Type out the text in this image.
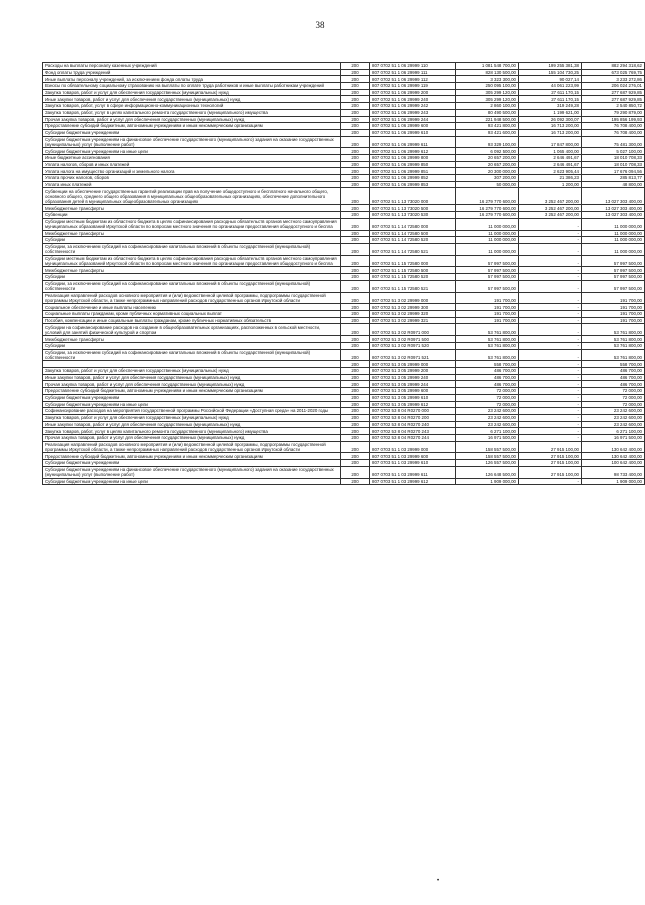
38
Расходы на выплаты персоналу казенных учреждений	200	807 0702 51 1 06 29999 110	1 081 548 700,00	199 255 381,38	882 294 318,62
Фонд оплаты труда учреждений	200	807 0702 51 1 06 29999 111	828 130 500,00	155 104 730,25	673 025 769,75
Иные выплаты персоналу учреждений, за исключением фонда оплаты труда	200	807 0702 51 1 06 29999 112	3 323 300,00	90 027,14	3 233 272,86
Взносы по обязательному социальному страхованию на выплаты по оплате труда работников и иные выплаты работникам учреждений	200	807 0702 51 1 06 29999 119	250 095 100,00	44 061 223,99	206 024 276,01
Закупка товаров, работ и услуг для обеспечения государственных (муниципальных) нужд	200	807 0702 51 1 06 29999 200	305 299 120,00	27 611 170,15	277 687 929,85
Иные закупки товаров, работ и услуг для обеспечения государственных (муниципальных) нужд	200	807 0702 51 1 06 29999 240	305 299 120,00	27 611 170,15	277 687 929,85
Закупка товаров, работ, услуг в сфере информационно-коммуникационных технологий	200	807 0702 51 1 06 29999 242	2 860 100,00	319 249,28	2 540 850,72
Закупка товаров, работ, услуг в целях капитального ремонта государственного (муниципального) имущества	200	807 0702 51 1 06 29999 243	80 490 500,00	1 199 621,00	79 290 879,00
Прочая закупка товаров, работ и услуг для обеспечения государственных (муниципальных) нужд	200	807 0702 51 1 06 29999 244	221 948 500,00	26 092 300,07	195 856 199,93
Предоставление субсидий бюджетным, автономным учреждениям и иным некоммерческим организациям	200	807 0702 51 1 06 29999 600	93 421 800,00	16 713 200,00	76 708 400,00
Субсидии бюджетным учреждениям	200	807 0702 51 1 06 29999 610	93 421 600,00	16 713 200,00	76 708 400,00
Субсидии бюджетным учреждениям на финансовое обеспечение государственного (муниципального) задания на оказание государственных (муниципальных) услуг (выполнение работ)	200	807 0702 51 1 06 29999 611	93 329 100,00	17 847 800,00	75 481 300,00
Субсидии бюджетным учреждениям на иные цели	200	807 0702 51 1 06 29999 612	6 092 500,00	1 065 400,00	5 027 100,00
Иные бюджетные ассигнования	200	807 0702 51 1 06 29999 800	20 657 200,00	2 646 491,67	18 010 708,33
Уплата налогов, сборов и иных платежей	200	807 0702 51 1 06 29999 850	20 657 200,00	2 646 491,67	18 010 708,33
Уплата налога на имущество организаций и земельного налога	200	807 0702 51 1 06 29999 851	20 300 000,00	2 623 905,44	17 676 094,56
Уплата прочих налогов, сборов	200	807 0702 51 1 06 29999 852	307 200,00	21 386,23	285 813,77
Уплата иных платежей	200	807 0702 51 1 06 29999 853	50 000,00	1 200,00	48 800,00
Субвенции на обеспечение государственных гарантий реализации прав на получение общедоступного и бесплатного начального общего, основного общего, среднего общего образования в муниципальных общеобразовательных организациях, обеспечение дополнительного образования детей в муниципальных общеобразовательных организациях	200	807 0702 51 1 13 73020 000	16 279 770 600,00	3 252 467 200,00	13 027 303 400,00
Межбюджетные трансферты	200	807 0702 51 1 13 73020 500	16 279 770 600,00	3 252 467 200,00	13 027 303 400,00
Субвенции	200	807 0702 51 1 13 73020 530	16 279 770 600,00	3 252 467 200,00	13 027 303 400,00
Субсидии местным бюджетам из областного бюджета в целях софинансирования расходных обязательств органов местного самоуправления муниципальных образований Иркутской области по вопросам местного значения по организации предоставления общедоступного и беспла	200	807 0702 51 1 14 72580 000	11 000 000,00	-	11 000 000,00
Межбюджетные трансферты	200	807 0702 51 1 14 72580 500	11 000 000,00	-	11 000 000,00
Субсидии	200	807 0702 51 1 14 72580 520	11 000 000,00	-	11 000 000,00
Субсидии, за исключением субсидий на софинансирование капитальных вложений в объекты государственной (муниципальной) собственности	200	807 0702 51 1 14 72580 521	11 000 000,00	-	11 000 000,00
Субсидии местным бюджетам из областного бюджета в целях софинансирования расходных обязательств органов местного самоуправления муниципальных образований Иркутской области по вопросам местного значения по организации предоставления общедоступного и беспла	200	807 0702 51 1 15 72580 000	57 997 500,00	-	57 997 500,00
Межбюджетные трансферты	200	807 0702 51 1 15 72580 500	57 997 500,00	-	57 997 500,00
Субсидии	200	807 0702 51 1 15 72580 520	57 997 500,00	-	57 997 500,00
Субсидии, за исключением субсидий на софинансирование капитальных вложений в объекты государственной (муниципальной) собственности	200	807 0702 51 1 15 72580 521	57 997 500,00	-	57 997 500,00
Реализация направлений расходов основного мероприятия и (или) ведомственной целевой программы, подпрограммы государственной программы Иркутской области, а также непрограммных направлений расходов государственных органов Иркутской области	200	807 0702 51 3 02 29999 000	191 700,00	-	191 700,00
Социальное обеспечение и иные выплаты населению	200	807 0702 51 3 02 29999 300	191 700,00	-	191 700,00
Социальные выплаты гражданам, кроме публичных нормативных социальных выплат	200	807 0702 51 3 02 29999 320	191 700,00	-	191 700,00
Пособия, компенсации и иные социальные выплаты гражданам, кроме публичных нормативных обязательств	200	807 0702 51 3 02 29999 321	191 700,00	-	191 700,00
Субсидии на софинансирование расходов на создание в общеобразовательных организациях, расположенных в сельской местности, условий для занятий физической культурой и спортом	200	807 0702 51 3 02 R0971 000	53 761 800,00	-	53 761 800,00
Межбюджетные трансферты	200	807 0702 51 3 02 R0971 500	53 761 800,00	-	53 761 800,00
Субсидии	200	807 0702 51 3 02 R0971 520	53 761 800,00	-	53 761 800,00
Субсидии, за исключением субсидий на софинансирование капитальных вложений в объекты государственной (муниципальной) собственности	200	807 0702 51 3 02 R0971 521	53 761 800,00	-	53 761 800,00
	200	807 0702 51 3 05 29999 000	558 700,00	-	558 700,00
Закупка товаров, работ и услуг для обеспечения государственных (муниципальных) нужд	200	807 0702 51 3 05 29999 200	486 700,00	-	486 700,00
Иные закупки товаров, работ и услуг для обеспечения государственных (муниципальных) нужд	200	807 0702 51 3 05 29999 240	486 700,00	-	486 700,00
Прочая закупка товаров, работ и услуг для обеспечения государственных (муниципальных) нужд	200	807 0702 51 3 05 29999 244	486 700,00	-	486 700,00
Предоставление субсидий бюджетным, автономным учреждениям и иным некоммерческим организациям	200	807 0702 51 3 05 29999 600	72 000,00	-	72 000,00
Субсидии бюджетным учреждениям	200	807 0702 51 3 05 29999 610	72 000,00	-	72 000,00
Субсидии бюджетным учреждениям на иные цели	200	807 0702 51 3 05 29999 612	72 000,00	-	72 000,00
Софинансирование расходов на мероприятия государственной программы Российской Федерации «Доступная среда» на 2011-2020 годы	200	807 0702 53 8 04 R0270 000	23 242 600,00	-	23 242 600,00
Закупка товаров, работ и услуг для обеспечения государственных (муниципальных) нужд	200	807 0702 53 8 04 R0270 200	23 242 600,00	-	23 242 600,00
Иные закупки товаров, работ и услуг для обеспечения государственных (муниципальных) нужд	200	807 0702 53 8 04 R0270 240	23 242 600,00	-	23 242 600,00
Закупка товаров, работ, услуг в целях капитального ремонта государственного (муниципального) имущества	200	807 0702 53 8 04 R0270 243	6 271 100,00	-	6 271 100,00
Прочая закупка товаров, работ и услуг для обеспечения государственных (муниципальных) нужд	200	807 0702 53 8 04 R0270 244	16 971 500,00	-	16 971 500,00
Реализация направлений расходов основного мероприятия и (или) ведомственной целевой программы, подпрограммы государственной программы Иркутской области, а также непрограммных направлений расходов государственных органов Иркутской области	200	807 0703 51 1 03 29999 000	158 557 500,00	27 915 100,00	130 642 400,00
Предоставление субсидий бюджетным, автономным учреждениям и иным некоммерческим организациям	200	807 0703 51 1 03 29999 600	158 557 500,00	27 915 100,00	130 642 400,00
Субсидии бюджетным учреждениям	200	807 0703 51 1 03 29999 610	126 557 500,00	27 915 100,00	100 642 400,00
Субсидии бюджетным учреждениям на финансовое обеспечение государственного (муниципального) задания на оказание государственных (муниципальных) услуг (выполнение работ)	200	807 0703 51 1 03 29999 611	126 648 500,00	27 915 100,00	98 733 400,00
Субсидии бюджетным учреждениям на иные цели	200	807 0703 51 1 03 29999 612	1 909 000,00	-	1 909 000,00
•
